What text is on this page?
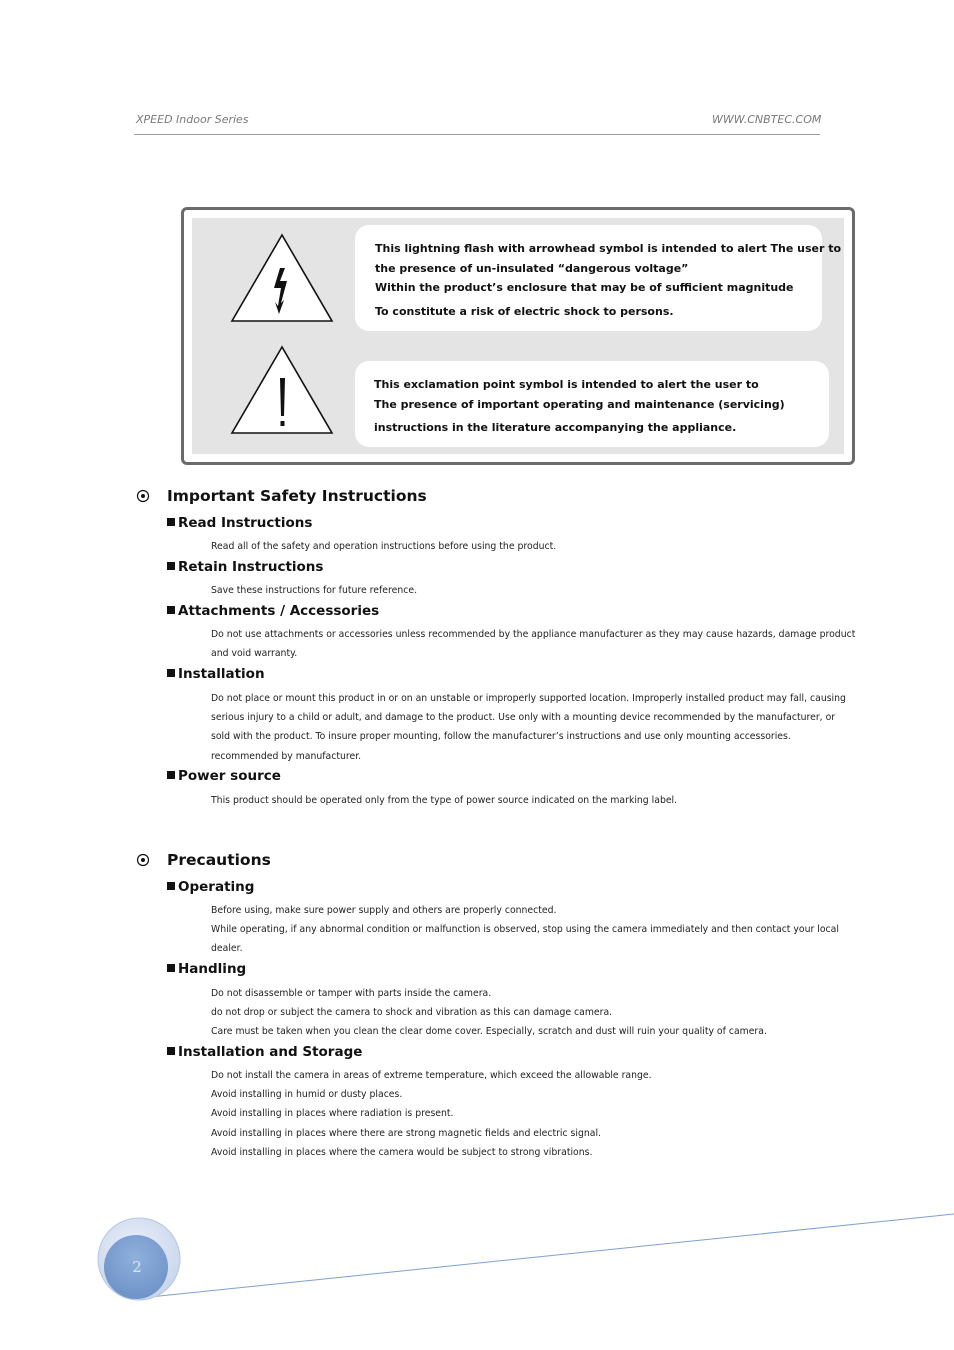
XPEED Indoor Series	WWW.CNBTEC.COM
This lightning flash with arrowhead symbol is intended to alert The user to
the presence of un-insulated “dangerous voltage”
Within the product’s enclosure that may be of sufficient magnitude
To constitute a risk of electric shock to persons.
This exclamation point symbol is intended to alert the user to
The presence of important operating and maintenance (servicing)
instructions in the literature accompanying the appliance.
Important Safety Instructions
Read Instructions
Read all of the safety and operation instructions before using the product.
Retain Instructions
Save these instructions for future reference.
Attachments / Accessories
Do not use attachments or accessories unless recommended by the appliance manufacturer as they may cause hazards, damage product
and void warranty.
Installation
Do not place or mount this product in or on an unstable or improperly supported location. Improperly installed product may fall, causing
serious injury to a child or adult, and damage to the product. Use only with a mounting device recommended by the manufacturer, or
sold with the product. To insure proper mounting, follow the manufacturer’s instructions and use only mounting accessories.
recommended by manufacturer.
Power source
This product should be operated only from the type of power source indicated on the marking label.
Precautions
Operating
Before using, make sure power supply and others are properly connected.
While operating, if any abnormal condition or malfunction is observed, stop using the camera immediately and then contact your local
dealer.
Handling
Do not disassemble or tamper with parts inside the camera.
do not drop or subject the camera to shock and vibration as this can damage camera.
Care must be taken when you clean the clear dome cover. Especially, scratch and dust will ruin your quality of camera.
Installation and Storage
Do not install the camera in areas of extreme temperature, which exceed the allowable range.
Avoid installing in humid or dusty places.
Avoid installing in places where radiation is present.
Avoid installing in places where there are strong magnetic fields and electric signal.
Avoid installing in places where the camera would be subject to strong vibrations.
2
